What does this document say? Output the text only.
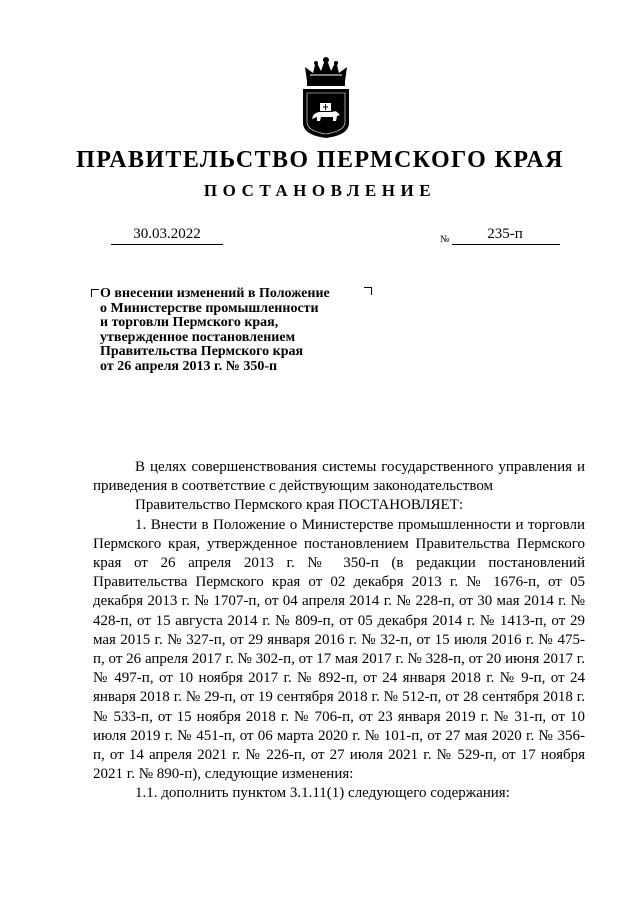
ПРАВИТЕЛЬСТВО ПЕРМСКОГО КРАЯ
ПОСТАНОВЛЕНИЕ
30.03.2022	№	235-п

О внесении изменений в Положение
о Министерстве промышленности
и торговли Пермского края,
утвержденное постановлением
Правительства Пермского края
от 26 апреля 2013 г. № 350-п

В целях совершенствования системы государственного управления и приведения в соответствие с действующим законодательством

Правительство Пермского края ПОСТАНОВЛЯЕТ:

1. Внести в Положение о Министерстве промышленности и торговли Пермского края, утвержденное постановлением Правительства Пермского края от 26 апреля 2013 г. № 350-п (в редакции постановлений Правительства Пермского края от 02 декабря 2013 г. № 1676-п, от 05 декабря 2013 г. № 1707-п, от 04 апреля 2014 г. № 228-п, от 30 мая 2014 г. № 428-п, от 15 августа 2014 г. № 809-п, от 05 декабря 2014 г. № 1413-п, от 29 мая 2015 г. № 327-п, от 29 января 2016 г. № 32-п, от 15 июля 2016 г. № 475-п, от 26 апреля 2017 г. № 302-п, от 17 мая 2017 г. № 328-п, от 20 июня 2017 г. № 497-п, от 10 ноября 2017 г. № 892-п, от 24 января 2018 г. № 9-п, от 24 января 2018 г. № 29-п, от 19 сентября 2018 г. № 512-п, от 28 сентября 2018 г. № 533-п, от 15 ноября 2018 г. № 706-п, от 23 января 2019 г. № 31-п, от 10 июля 2019 г. № 451-п, от 06 марта 2020 г. № 101-п, от 27 мая 2020 г. № 356-п, от 14 апреля 2021 г. № 226-п, от 27 июля 2021 г. № 529-п, от 17 ноября 2021 г. № 890-п), следующие изменения:

1.1. дополнить пунктом 3.1.11(1) следующего содержания:
